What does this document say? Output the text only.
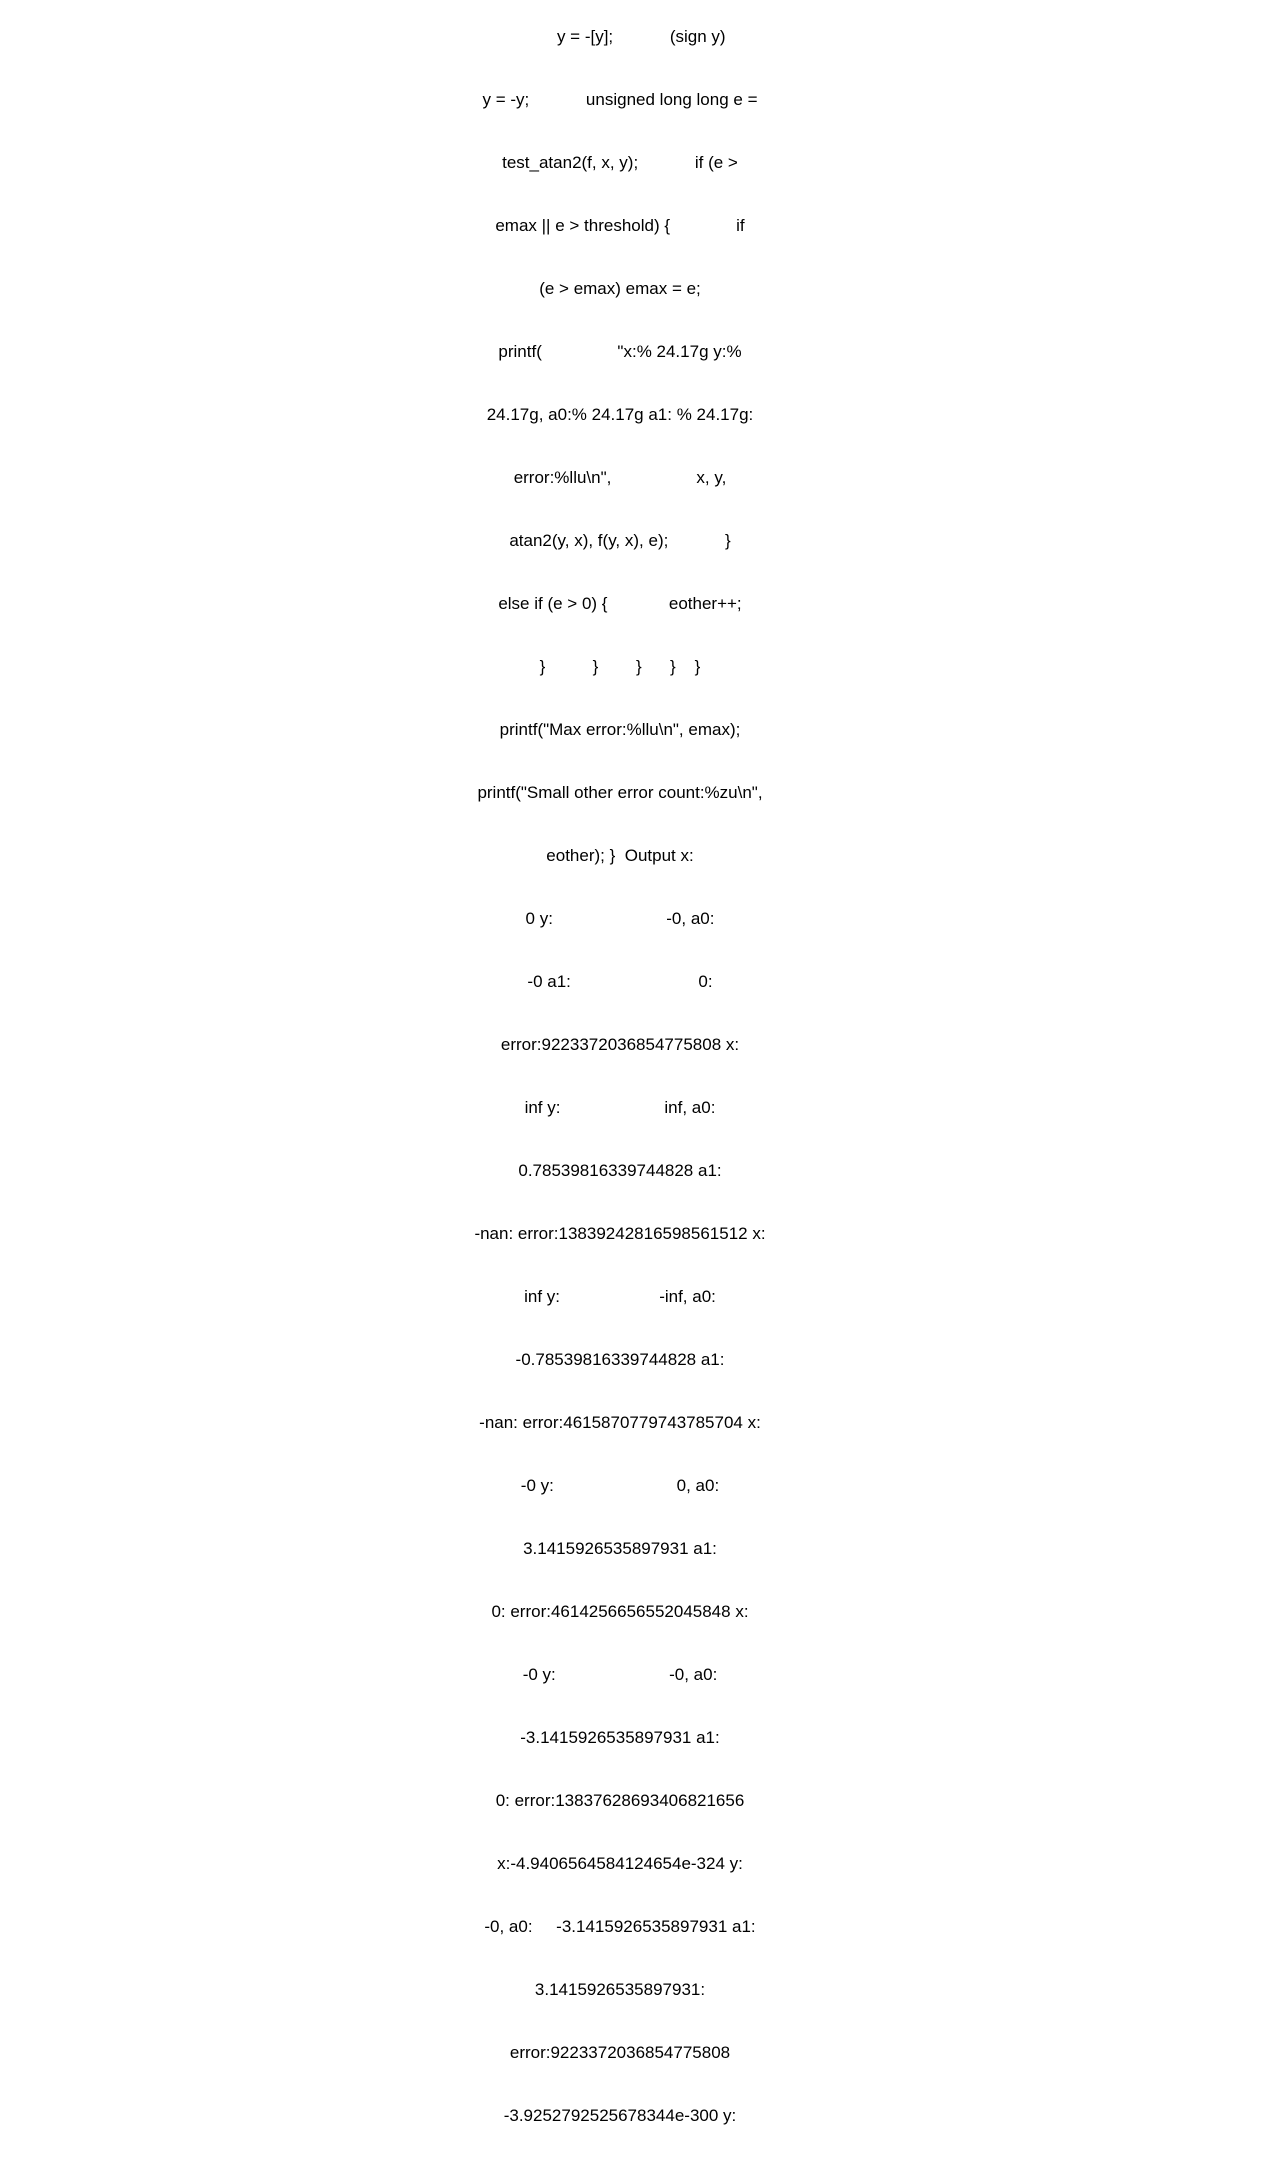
y = -[y];            (sign y)

y = -y;            unsigned long long e =

test_atan2(f, x, y);            if (e >

emax || e > threshold) {              if

(e > emax) emax = e;

printf(                "x:% 24.17g y:%

24.17g, a0:% 24.17g a1: % 24.17g:

error:%llu\n",                  x, y,

atan2(y, x), f(y, x), e);            }

else if (e > 0) {             eother++;

}          }        }      }    }

printf("Max error:%llu\n", emax);

printf("Small other error count:%zu\n",

eother); }  Output x:

0 y:                        -0, a0:

-0 a1:                           0:

error:9223372036854775808 x:

inf y:                      inf, a0:

0.78539816339744828 a1:

-nan: error:13839242816598561512 x:

inf y:                     -inf, a0:

-0.78539816339744828 a1:

-nan: error:4615870779743785704 x:

-0 y:                          0, a0:

3.1415926535897931 a1:

0: error:4614256656552045848 x:

-0 y:                        -0, a0:

-3.1415926535897931 a1:

0: error:13837628693406821656

x:-4.9406564584124654e-324 y:

-0, a0:     -3.1415926535897931 a1:

3.1415926535897931:

error:9223372036854775808

-3.9252792525678344e-300 y:
